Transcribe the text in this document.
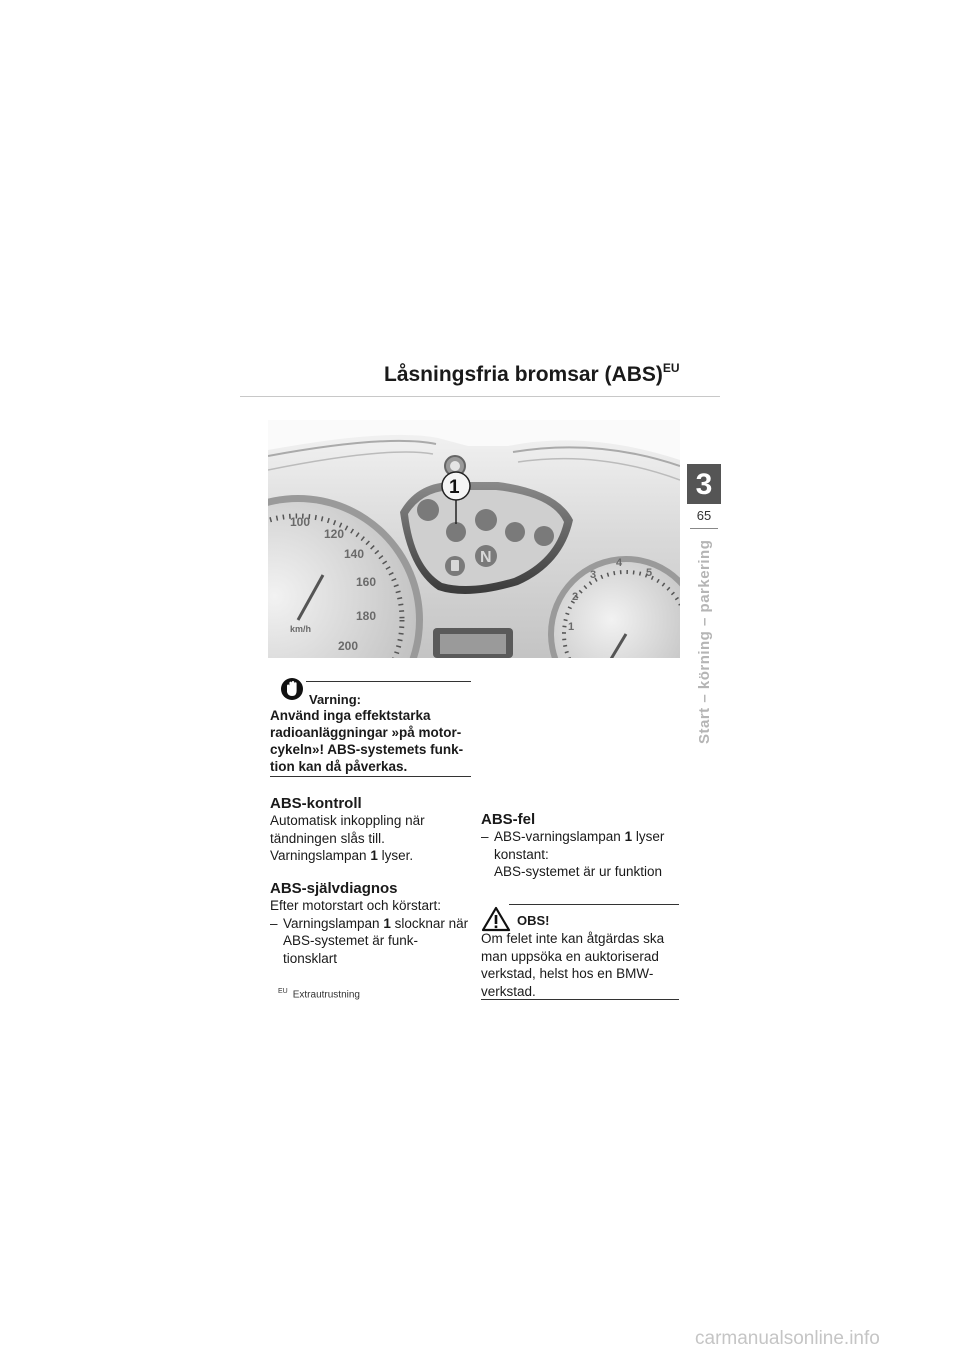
Låsningsfria bromsar (ABS)$^{EU}$
3
65
Start – körning – parkering
100
120
140
160
180
200
km/h	1
2
3
4
5
N
1
Varning:
Använd inga effektstarka radioanläggningar »på motor-cykeln»! ABS-systemets funk-tion kan då påverkas.
ABS-kontroll
Automatisk inkoppling när tändningen slås till.
Varningslampan 1 lyser.
ABS-självdiagnos
Efter motorstart och körstart:
– Varningslampan 1 slocknar när ABS-systemet är funk-tionsklart
$^{EU}$ Extrautrustning
ABS-fel
– ABS-varningslampan 1 lyser konstant:
ABS-systemet är ur funktion
OBS!
Om felet inte kan åtgärdas ska man uppsöka en auktoriserad verkstad, helst hos en BMW-verkstad.
carmanualsonline.info
